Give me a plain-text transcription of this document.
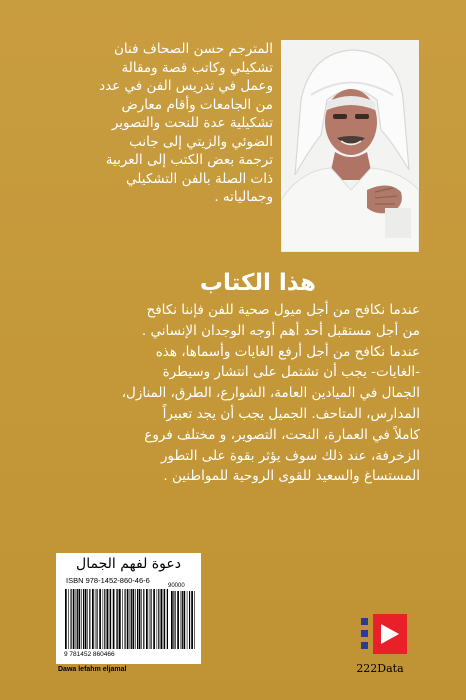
المترجم حسن الصحاف فنان
تشكيلي وكاتب قصة ومقالة
وعمل في تدريس الفن في عدد
من الجامعات وأقام معارض
تشكيلية عدة للنحت والتصوير
الضوئي والزيتي إلى جانب
ترجمة بعض الكتب إلى العربية
ذات الصلة بالفن التشكيلي
وجمالياته .
هذا الكتاب
عندما نكافح من أجل ميول صحية للفن فإننا نكافح
من أجل مستقبل أحد أهم أوجه الوجدان الإنساني .
عندما نكافح من أجل أرفع الغايات وأسماها، هذه
-الغايات- يجب أن تشتمل على انتشار وسيطرة
الجمال في الميادين العامة، الشوارع، الطرق، المنازل،
المدارس، المتاحف. الجميل يجب أن يجد تعبيراً
كاملاً في العمارة، النحت، التصوير، و مختلف فروع
الزخرفة، عند ذلك سوف يؤثر بقوة على التطور
المستساغ والسعيد للقوى الروحية للمواطنين .
دعوة لفهم الجمال
ISBN 978-1452-860-46-6
90000
9 781452 860466
Dawa lefahm eljamal	222Data
